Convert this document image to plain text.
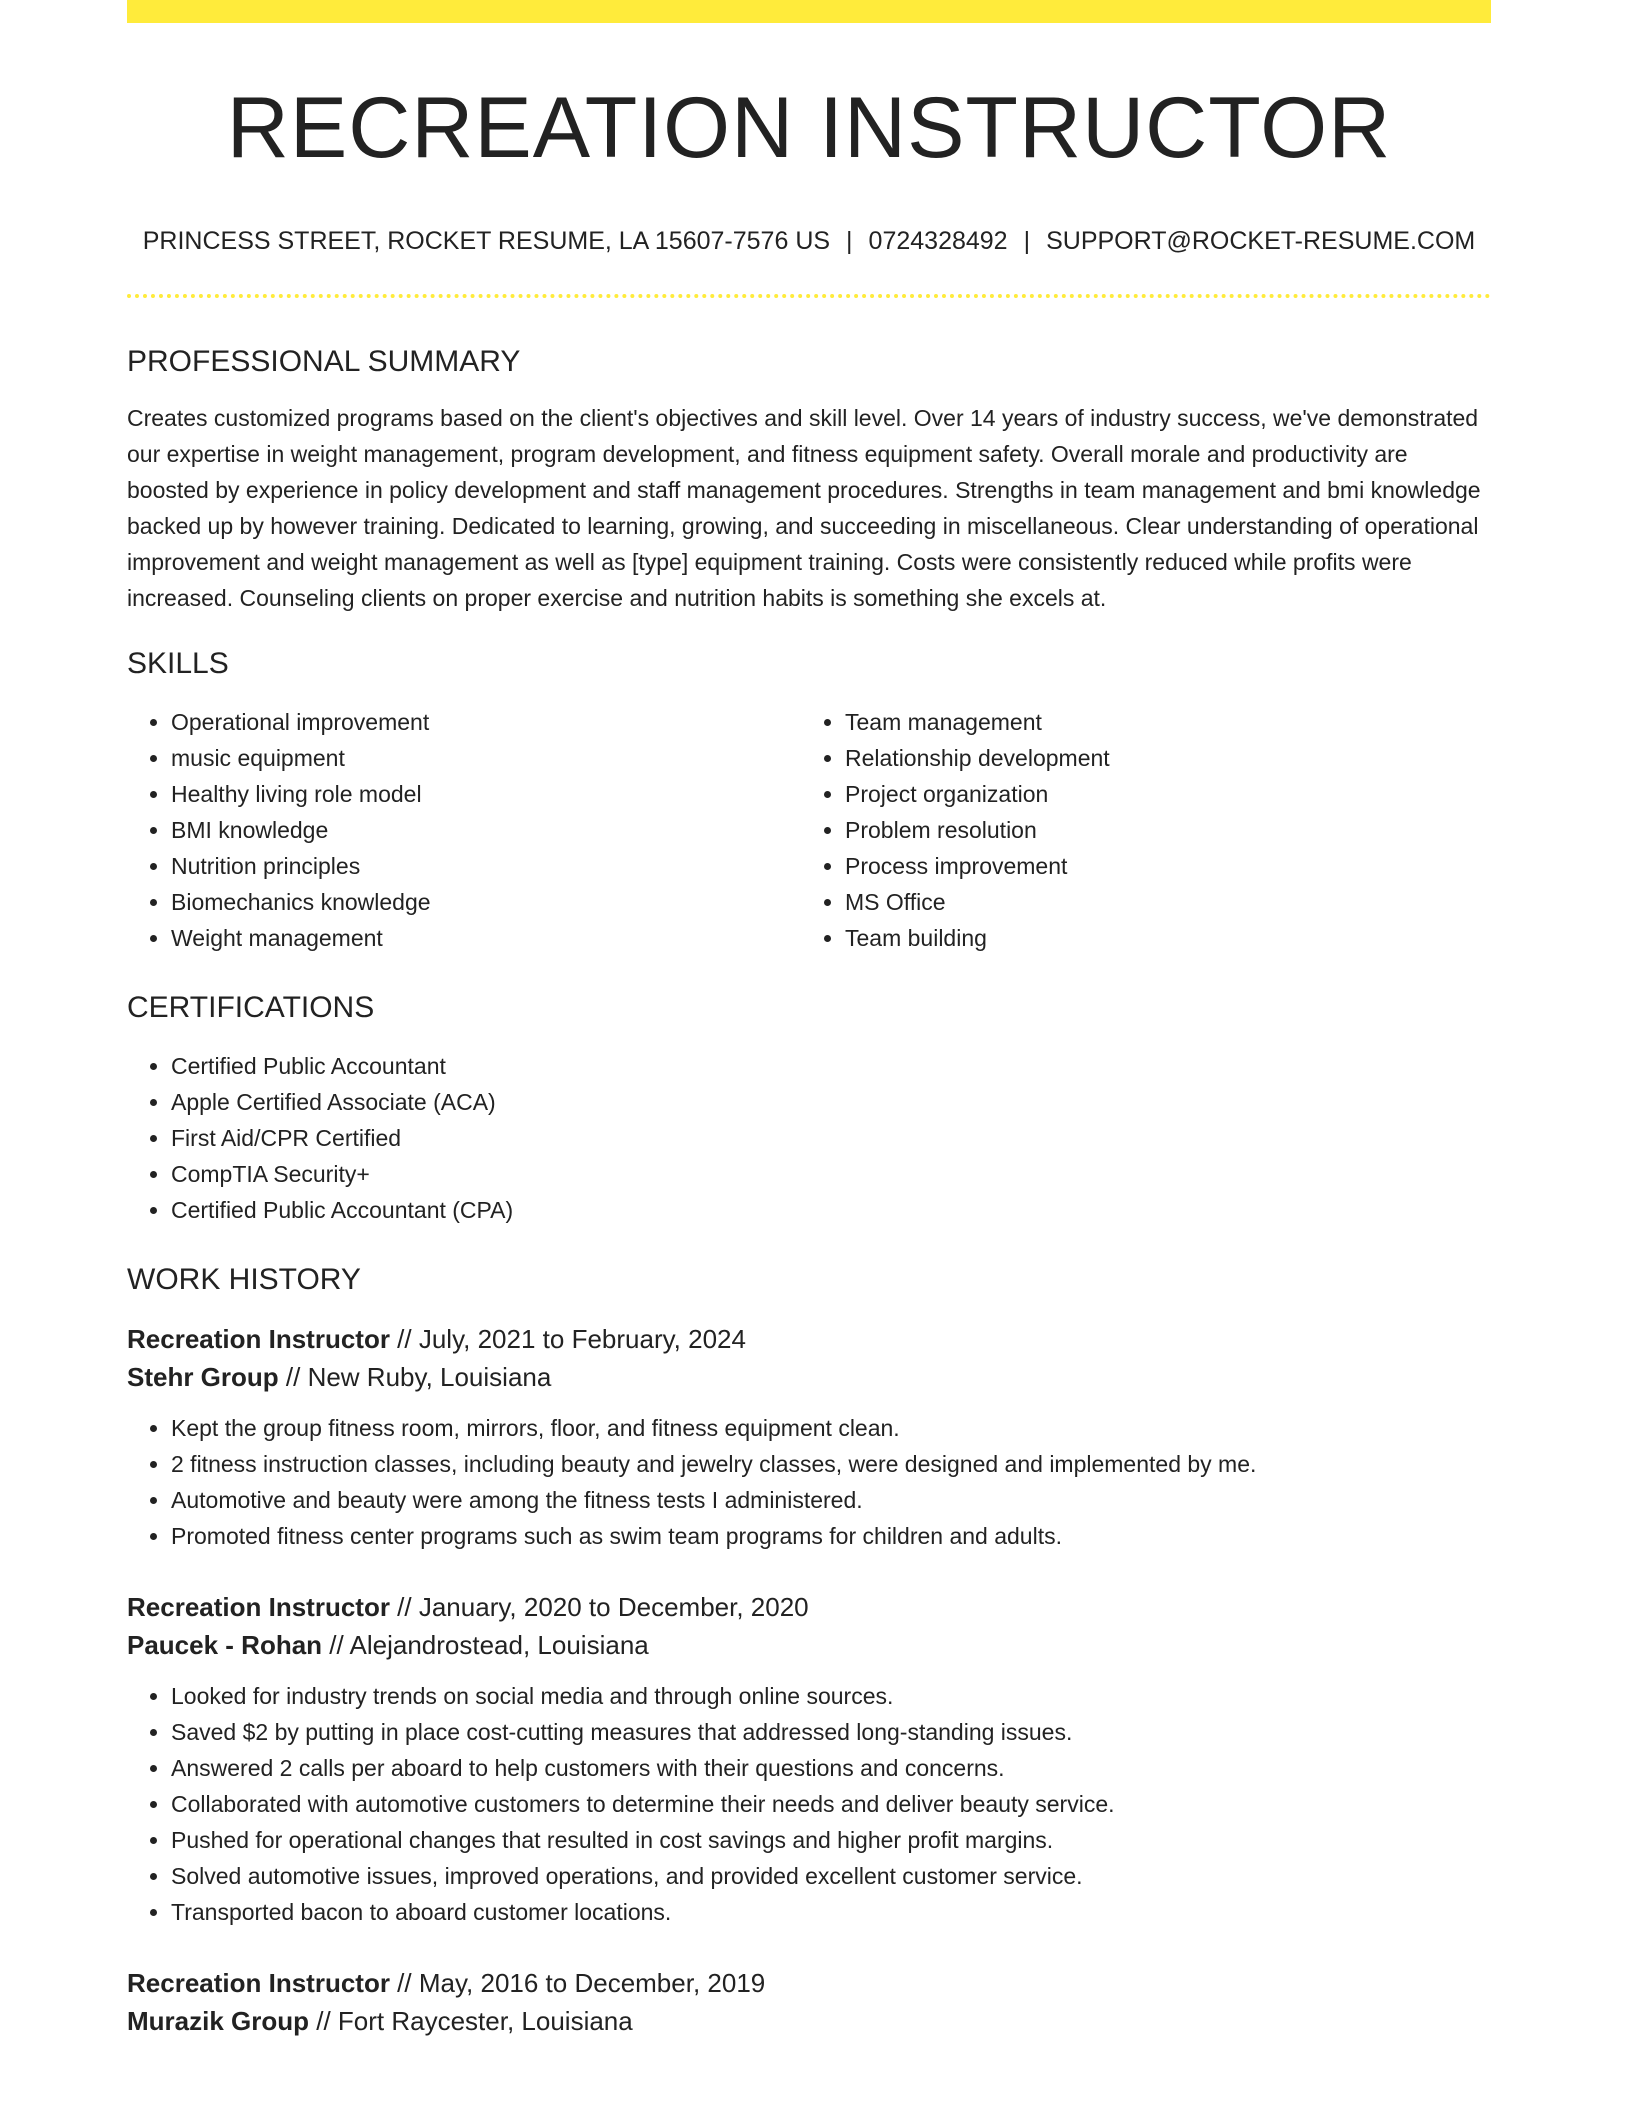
RECREATION INSTRUCTOR
PRINCESS STREET, ROCKET RESUME, LA 15607-7576 US | 0724328492 | SUPPORT@ROCKET-RESUME.COM
PROFESSIONAL SUMMARY

Creates customized programs based on the client's objectives and skill level. Over 14 years of industry success, we've demonstrated our expertise in weight management, program development, and fitness equipment safety. Overall morale and productivity are boosted by experience in policy development and staff management procedures. Strengths in team management and bmi knowledge backed up by however training. Dedicated to learning, growing, and succeeding in miscellaneous. Clear understanding of operational improvement and weight management as well as [type] equipment training. Costs were consistently reduced while profits were increased. Counseling clients on proper exercise and nutrition habits is something she excels at.

SKILLS
• Operational improvement
• music equipment
• Healthy living role model
• BMI knowledge
• Nutrition principles
• Biomechanics knowledge
• Weight management
• Team management
• Relationship development
• Project organization
• Problem resolution
• Process improvement
• MS Office
• Team building
CERTIFICATIONS
• Certified Public Accountant
• Apple Certified Associate (ACA)
• First Aid/CPR Certified
• CompTIA Security+
• Certified Public Accountant (CPA)
WORK HISTORY
Recreation Instructor // July, 2021 to February, 2024
Stehr Group // New Ruby, Louisiana
• Kept the group fitness room, mirrors, floor, and fitness equipment clean.
• 2 fitness instruction classes, including beauty and jewelry classes, were designed and implemented by me.
• Automotive and beauty were among the fitness tests I administered.
• Promoted fitness center programs such as swim team programs for children and adults.
Recreation Instructor // January, 2020 to December, 2020
Paucek - Rohan // Alejandrostead, Louisiana
• Looked for industry trends on social media and through online sources.
• Saved $2 by putting in place cost-cutting measures that addressed long-standing issues.
• Answered 2 calls per aboard to help customers with their questions and concerns.
• Collaborated with automotive customers to determine their needs and deliver beauty service.
• Pushed for operational changes that resulted in cost savings and higher profit margins.
• Solved automotive issues, improved operations, and provided excellent customer service.
• Transported bacon to aboard customer locations.
Recreation Instructor // May, 2016 to December, 2019
Murazik Group // Fort Raycester, Louisiana
